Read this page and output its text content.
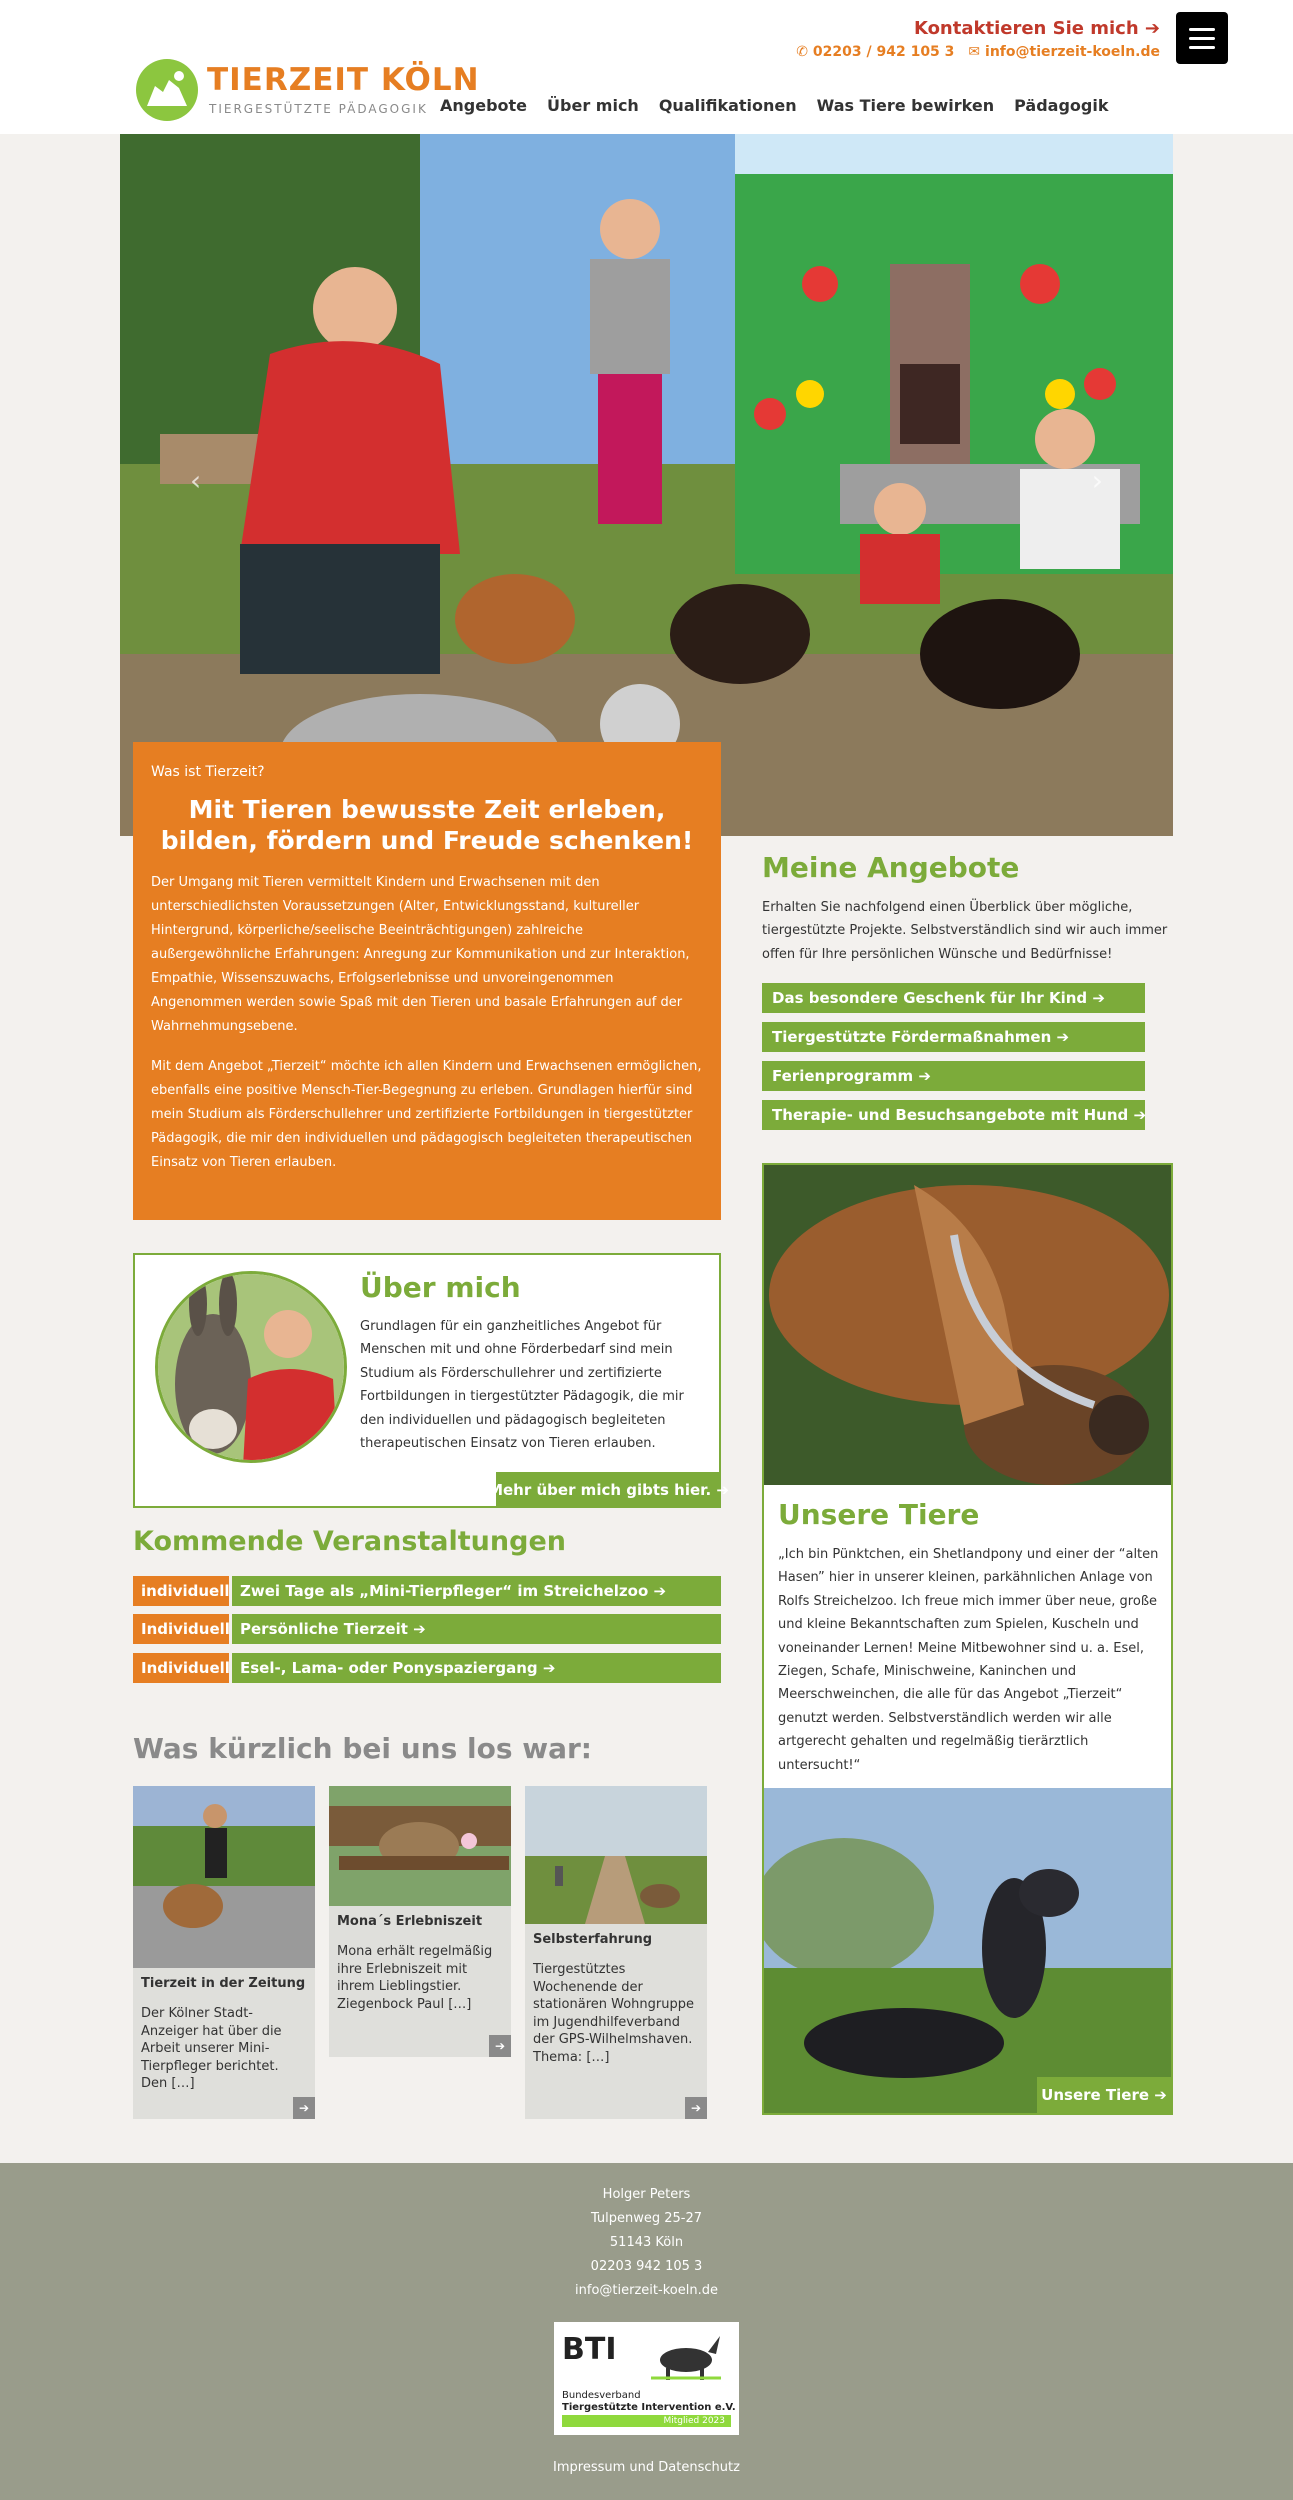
TIERZEIT KÖLN
TIERGESTÜTZTE PÄDAGOGIK Angebote Über mich Qualifikationen Was Tiere bewirken Pädagogik
Kontaktieren Sie mich ➔
✆ 02203 / 942 105 3 ✉ info@tierzeit-koeln.de
‹	›

Was ist Tierzeit?

Mit Tieren bewusste Zeit erleben, bilden, fördern und Freude schenken!

Der Umgang mit Tieren vermittelt Kindern und Erwachsenen mit den unterschiedlichsten Voraussetzungen (Alter, Entwicklungsstand, kultureller Hintergrund, körperliche/seelische Beeinträchtigungen) zahlreiche außergewöhnliche Erfahrungen: Anregung zur Kommunikation und zur Interaktion, Empathie, Wissenszuwachs, Erfolgserlebnisse und unvoreingenommen Angenommen werden sowie Spaß mit den Tieren und basale Erfahrungen auf der Wahrnehmungsebene.

Mit dem Angebot „Tierzeit“ möchte ich allen Kindern und Erwachsenen ermöglichen, ebenfalls eine positive Mensch-Tier-Begegnung zu erleben. Grundlagen hierfür sind mein Studium als Förderschullehrer und zertifizierte Fortbildungen in tiergestützter Pädagogik, die mir den individuellen und pädagogisch begleiteten therapeutischen Einsatz von Tieren erlauben.

Über mich

Grundlagen für ein ganzheitliches Angebot für Menschen mit und ohne Förderbedarf sind mein Studium als Förderschullehrer und zertifizierte Fortbildungen in tiergestützter Pädagogik, die mir den individuellen und pädagogisch begleiteten therapeutischen Einsatz von Tieren erlauben.

Mehr über mich gibts hier. ➔
Kommende Veranstaltungen
individuell Zwei Tage als „Mini-Tierpfleger“ im Streichelzoo ➔
Individuell Persönliche Tierzeit ➔
Individuell Esel-, Lama- oder Ponyspaziergang ➔
Was kürzlich bei uns los war:
Tierzeit in der Zeitung
Der Kölner Stadt-Anzeiger hat über die Arbeit unserer Mini-Tierpfleger berichtet. Den […]
➔
Mona´s Erlebniszeit
Mona erhält regelmäßig ihre Erlebniszeit mit ihrem Lieblingstier. Ziegenbock Paul […]
➔
Selbsterfahrung
Tiergestütztes Wochenende der stationären Wohngruppe im Jugendhilfeverband der GPS-Wilhelmshaven. Thema: […]
➔
Meine Angebote

Erhalten Sie nachfolgend einen Überblick über mögliche, tiergestützte Projekte. Selbstverständlich sind wir auch immer offen für Ihre persönlichen Wünsche und Bedürfnisse!

Das besondere Geschenk für Ihr Kind ➔
Tiergestützte Fördermaßnahmen ➔
Ferienprogramm ➔
Therapie- und Besuchsangebote mit Hund ➔
Unsere Tiere

„Ich bin Pünktchen, ein Shetlandpony und einer der “alten Hasen” hier in unserer kleinen, parkähnlichen Anlage von Rolfs Streichelzoo. Ich freue mich immer über neue, große und kleine Bekanntschaften zum Spielen, Kuscheln und voneinander Lernen! Meine Mitbewohner sind u. a. Esel, Ziegen, Schafe, Minischweine, Kaninchen und Meerschweinchen, die alle für das Angebot „Tierzeit“ genutzt werden. Selbstverständlich werden wir alle artgerecht gehalten und regelmäßig tierärztlich untersucht!“

Unsere Tiere ➔
Holger Peters
Tulpenweg 25-27
51143 Köln
02203 942 105 3
info@tierzeit-koeln.de
BTI
Bundesverband
Tiergestützte Intervention e.V.
Mitglied 2023
Impressum und Datenschutz
